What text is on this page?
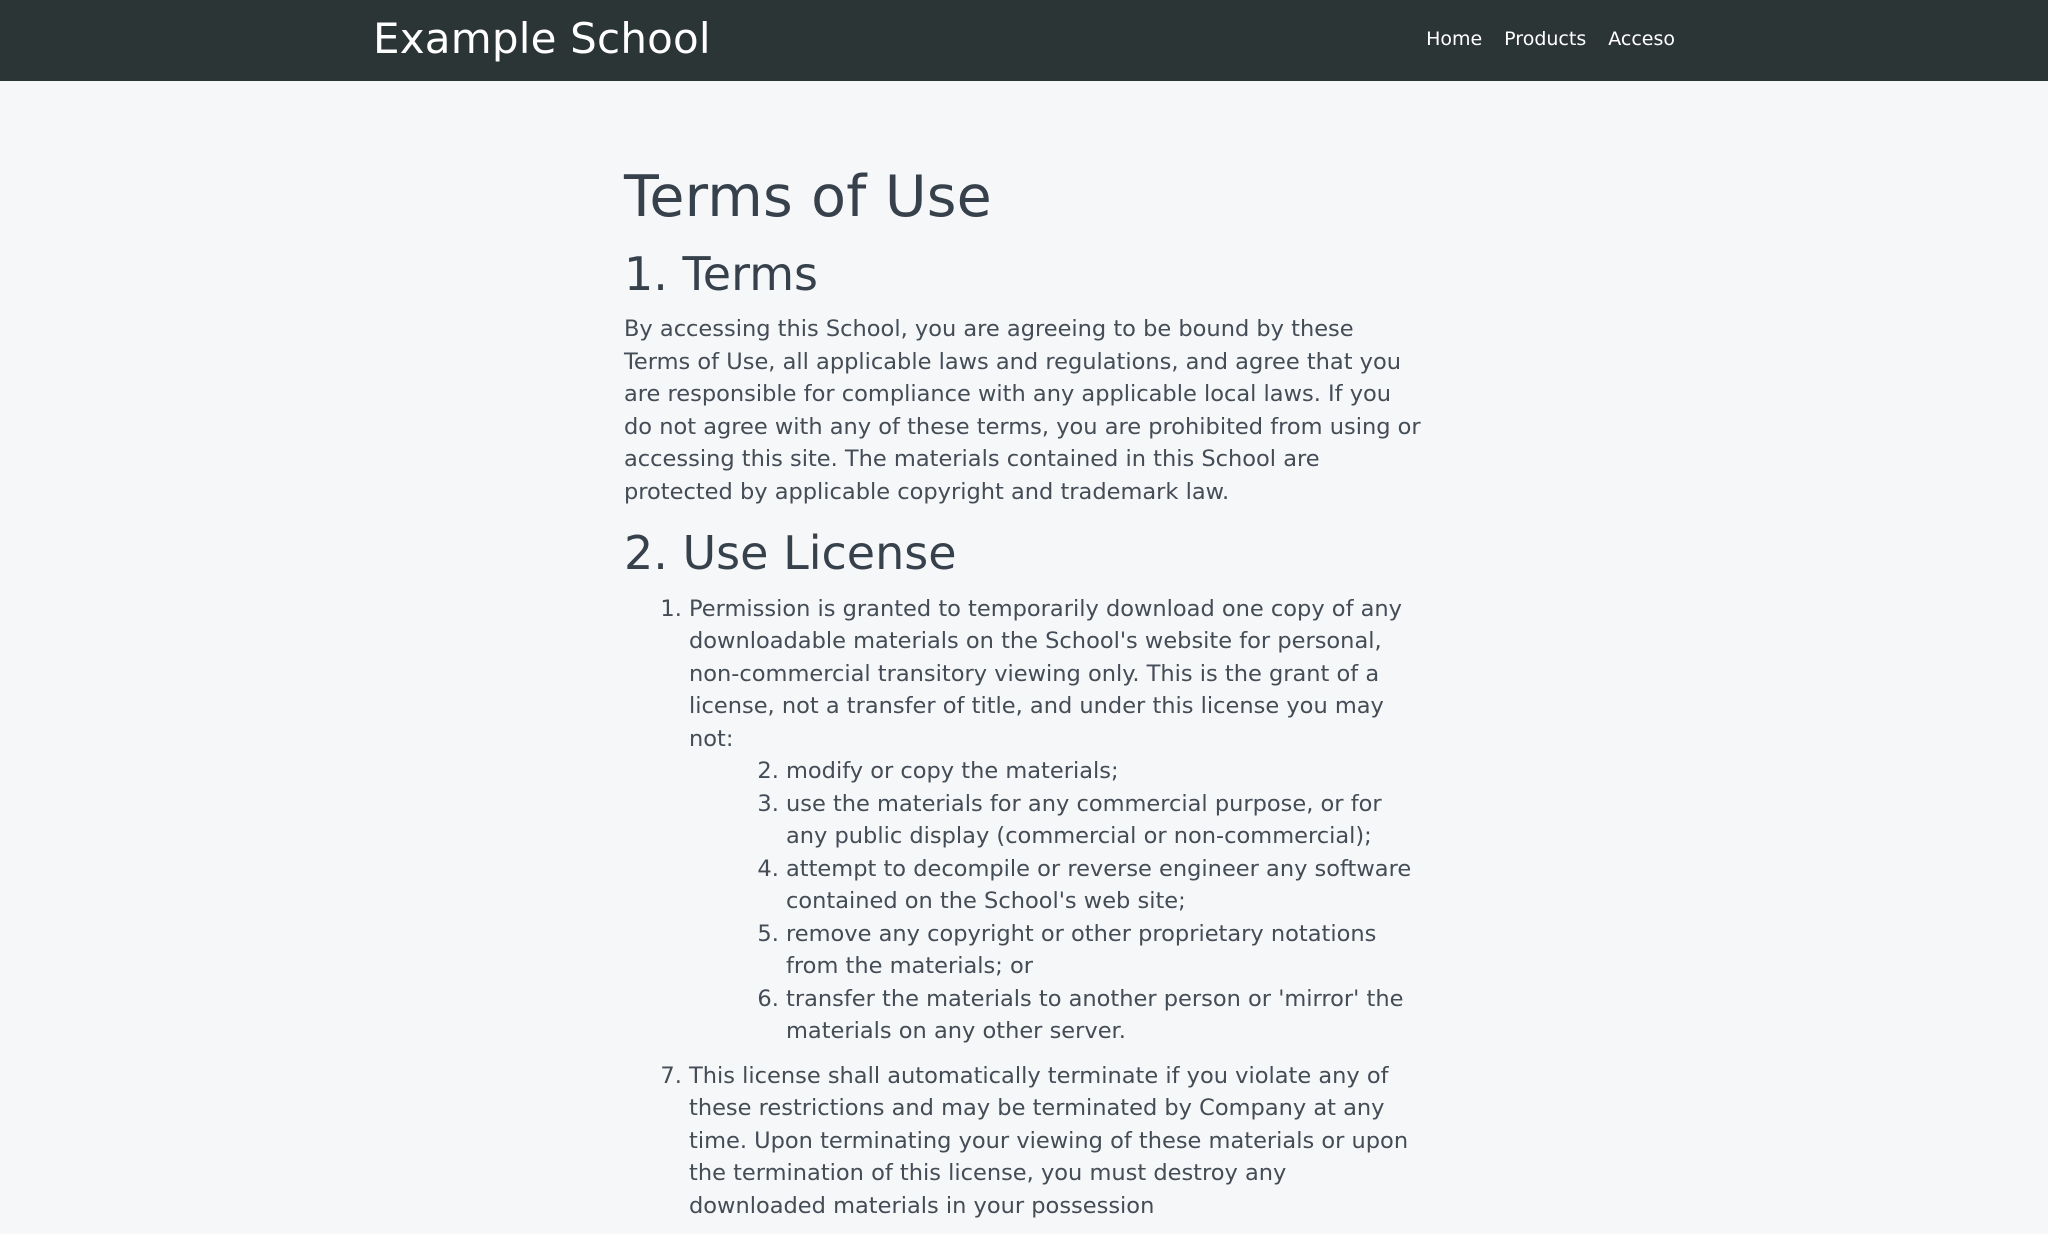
Example School	Home Products Acceso
Terms of Use
1. Terms

By accessing this School, you are agreeing to be bound by these Terms of Use, all applicable laws and regulations, and agree that you are responsible for compliance with any applicable local laws. If you do not agree with any of these terms, you are prohibited from using or accessing this site. The materials contained in this School are protected by applicable copyright and trademark law.

2. Use License
1. Permission is granted to temporarily download one copy of any downloadable materials on the School's website for personal, non-commercial transitory viewing only. This is the grant of a license, not a transfer of title, and under this license you may not:
2. modify or copy the materials;
3. use the materials for any commercial purpose, or for any public display (commercial or non-commercial);
4. attempt to decompile or reverse engineer any software contained on the School's web site;
5. remove any copyright or other proprietary notations from the materials; or
6. transfer the materials to another person or 'mirror' the materials on any other server.
7. This license shall automatically terminate if you violate any of these restrictions and may be terminated by Company at any time. Upon terminating your viewing of these materials or upon the termination of this license, you must destroy any downloaded materials in your possession
